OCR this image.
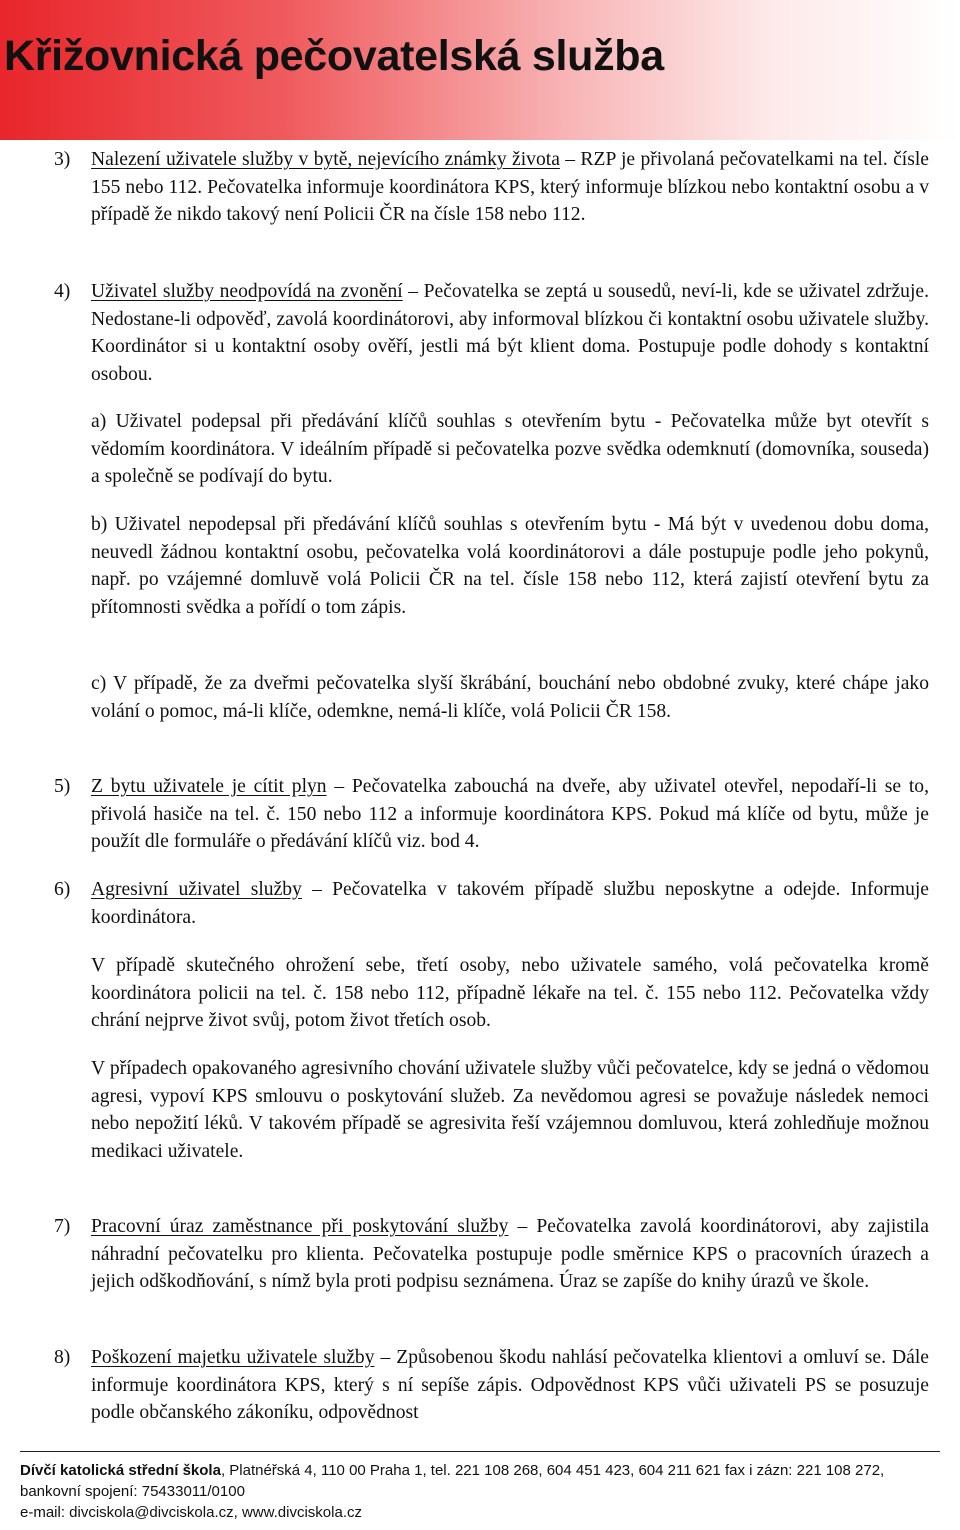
Křižovnická pečovatelská služba
3) Nalezení uživatele služby v bytě, nejevícího známky života – RZP je přivolaná pečovatelkami na tel. čísle 155 nebo 112. Pečovatelka informuje koordinátora KPS, který informuje blízkou nebo kontaktní osobu a v případě že nikdo takový není Policii ČR na čísle 158 nebo 112.

4) Uživatel služby neodpovídá na zvonění – Pečovatelka se zeptá u sousedů, neví-li, kde se uživatel zdržuje. Nedostane-li odpověď, zavolá koordinátorovi, aby informoval blízkou či kontaktní osobu uživatele služby. Koordinátor si u kontaktní osoby ověří, jestli má být klient doma. Postupuje podle dohody s kontaktní osobou.

a) Uživatel podepsal při předávání klíčů souhlas s otevřením bytu - Pečovatelka může byt otevřít s vědomím koordinátora. V ideálním případě si pečovatelka pozve svědka odemknutí (domovníka, souseda) a společně se podívají do bytu.

b) Uživatel nepodepsal při předávání klíčů souhlas s otevřením bytu - Má být v uvedenou dobu doma, neuvedl žádnou kontaktní osobu, pečovatelka volá koordinátorovi a dále postupuje podle jeho pokynů, např. po vzájemné domluvě volá Policii ČR na tel. čísle 158 nebo 112, která zajistí otevření bytu za přítomnosti svědka a pořídí o tom zápis.

c) V případě, že za dveřmi pečovatelka slyší škrábání, bouchání nebo obdobné zvuky, které chápe jako volání o pomoc, má-li klíče, odemkne, nemá-li klíče, volá Policii ČR 158.

5) Z bytu uživatele je cítit plyn – Pečovatelka zabouchá na dveře, aby uživatel otevřel, nepodaří-li se to, přivolá hasiče na tel. č. 150 nebo 112 a informuje koordinátora KPS. Pokud má klíče od bytu, může je použít dle formuláře o předávání klíčů viz. bod 4.

6) Agresivní uživatel služby – Pečovatelka v takovém případě službu neposkytne a odejde. Informuje koordinátora.

V případě skutečného ohrožení sebe, třetí osoby, nebo uživatele samého, volá pečovatelka kromě koordinátora policii na tel. č. 158 nebo 112, případně lékaře na tel. č. 155 nebo 112. Pečovatelka vždy chrání nejprve život svůj, potom život třetích osob.

V případech opakovaného agresivního chování uživatele služby vůči pečovatelce, kdy se jedná o vědomou agresi, vypoví KPS smlouvu o poskytování služeb. Za nevědomou agresi se považuje následek nemoci nebo nepožití léků. V takovém případě se agresivita řeší vzájemnou domluvou, která zohledňuje možnou medikaci uživatele.

7) Pracovní úraz zaměstnance při poskytování služby – Pečovatelka zavolá koordinátorovi, aby zajistila náhradní pečovatelku pro klienta. Pečovatelka postupuje podle směrnice KPS o pracovních úrazech a jejich odškodňování, s nímž byla proti podpisu seznámena. Úraz se zapíše do knihy úrazů ve škole.

8) Poškození majetku uživatele služby – Způsobenou škodu nahlásí pečovatelka klientovi a omluví se. Dále informuje koordinátora KPS, který s ní sepíše zápis. Odpovědnost KPS vůči uživateli PS se posuzuje podle občanského zákoníku, odpovědnost

Dívčí katolická střední škola, Platnéřská 4, 110 00 Praha 1, tel. 221 108 268, 604 451 423, 604 211 621 fax i zázn: 221 108 272,
bankovní spojení: 75433011/0100
e-mail: divciskola@divciskola.cz, www.divciskola.cz
